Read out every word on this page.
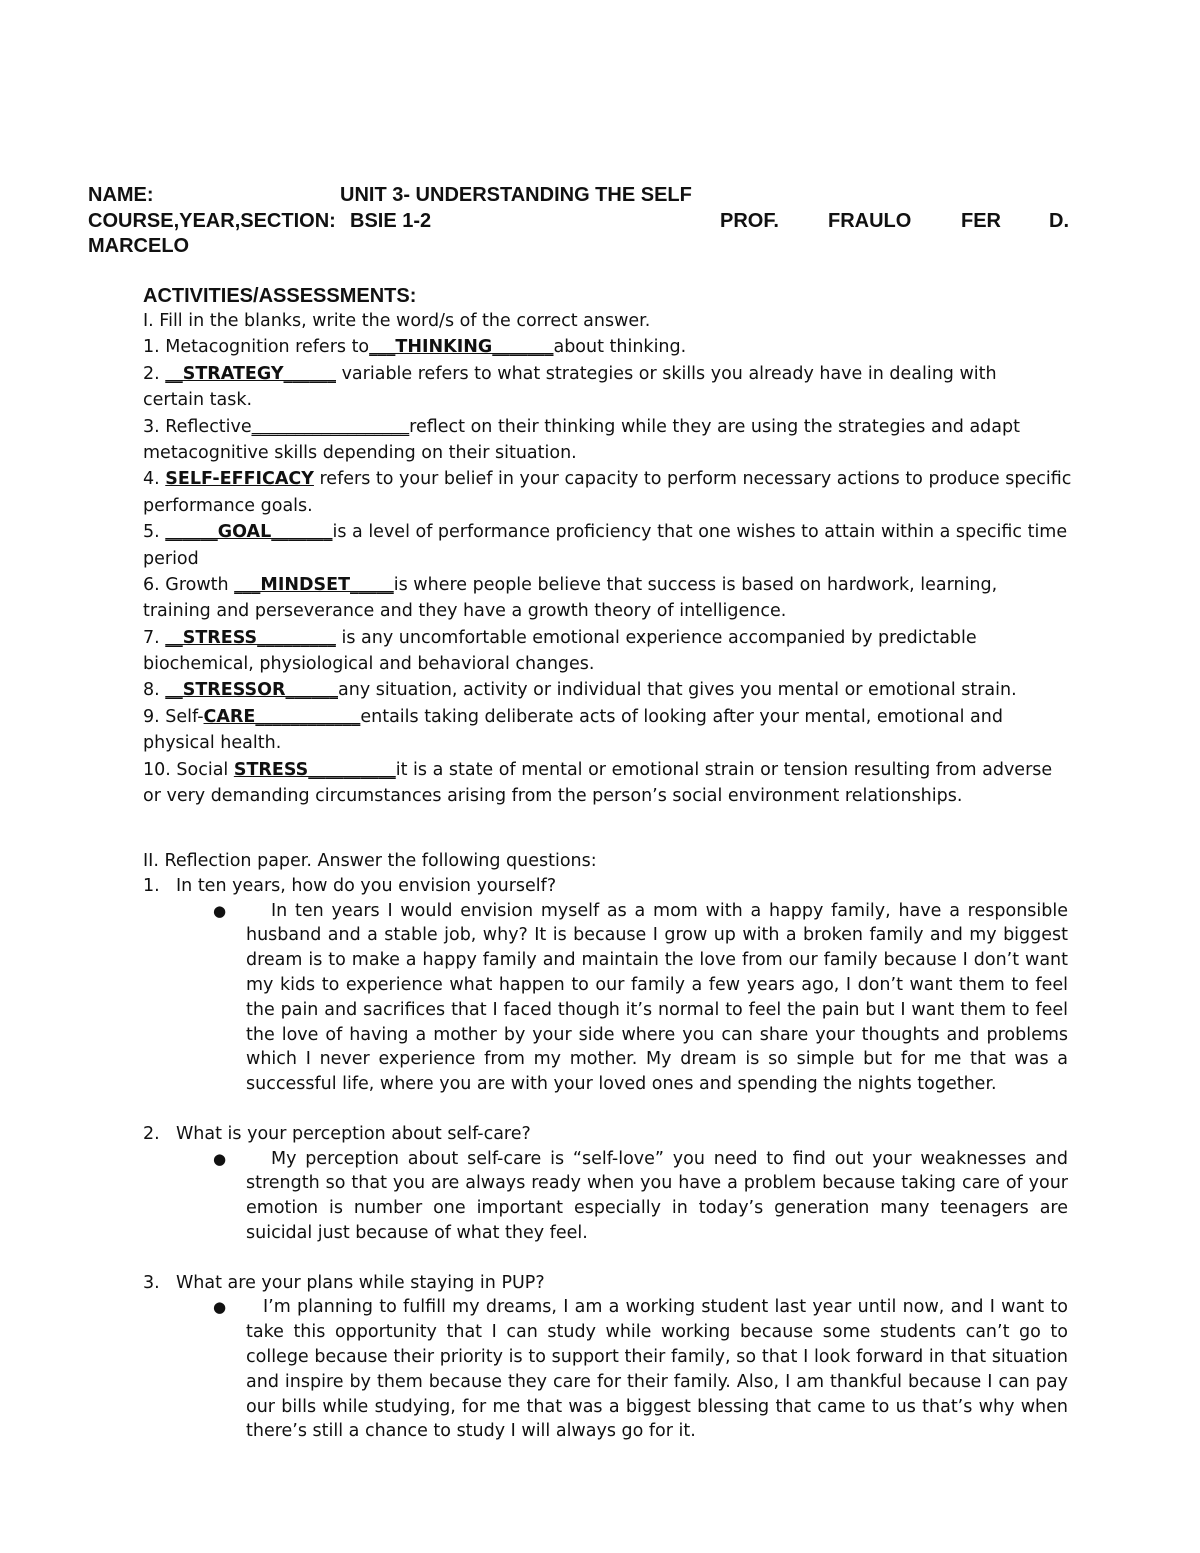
NAME:	UNIT 3- UNDERSTANDING THE SELF
COURSE,YEAR,SECTION: BSIE 1-2	PROF. FRAULO FER D.
MARCELO
ACTIVITIES/ASSESSMENTS:
I. Fill in the blanks, write the word/s of the correct answer.
1. Metacognition refers to___THINKING_______about thinking.
2. __STRATEGY______ variable refers to what strategies or skills you already have in dealing with
certain task.
3. Reflective__________________reflect on their thinking while they are using the strategies and adapt
metacognitive skills depending on their situation.
4. SELF-EFFICACY refers to your belief in your capacity to perform necessary actions to produce specific
performance goals.
5. ______GOAL_______is a level of performance proficiency that one wishes to attain within a specific time
period
6. Growth ___MINDSET_____is where people believe that success is based on hardwork, learning,
training and perseverance and they have a growth theory of intelligence.
7. __STRESS_________ is any uncomfortable emotional experience accompanied by predictable
biochemical, physiological and behavioral changes.
8. __STRESSOR______any situation, activity or individual that gives you mental or emotional strain.
9. Self-CARE____________entails taking deliberate acts of looking after your mental, emotional and
physical health.
10. Social STRESS__________it is a state of mental or emotional strain or tension resulting from adverse
or very demanding circumstances arising from the person’s social environment relationships.
II. Reflection paper. Answer the following questions:
1. In ten years, how do you envision yourself?
●	In ten years I would envision myself as a mom with a happy family, have a responsible husband and a stable job, why? It is because I grow up with a broken family and my biggest dream is to make a happy family and maintain the love from our family because I don’t want my kids to experience what happen to our family a few years ago, I don’t want them to feel the pain and sacrifices that I faced though it’s normal to feel the pain but I want them to feel the love of having a mother by your side where you can share your thoughts and problems which I never experience from my mother. My dream is so simple but for me that was a successful life, where you are with your loved ones and spending the nights together.
2. What is your perception about self-care?
●	My perception about self-care is “self-love” you need to find out your weaknesses and strength so that you are always ready when you have a problem because taking care of your emotion is number one important especially in today’s generation many teenagers are suicidal just because of what they feel.
3. What are your plans while staying in PUP?
● I’m planning to fulfill my dreams, I am a working student last year until now, and I want to take this opportunity that I can study while working because some students can’t go to college because their priority is to support their family, so that I look forward in that situation and inspire by them because they care for their family. Also, I am thankful because I can pay our bills while studying, for me that was a biggest blessing that came to us that’s why when there’s still a chance to study I will always go for it.
